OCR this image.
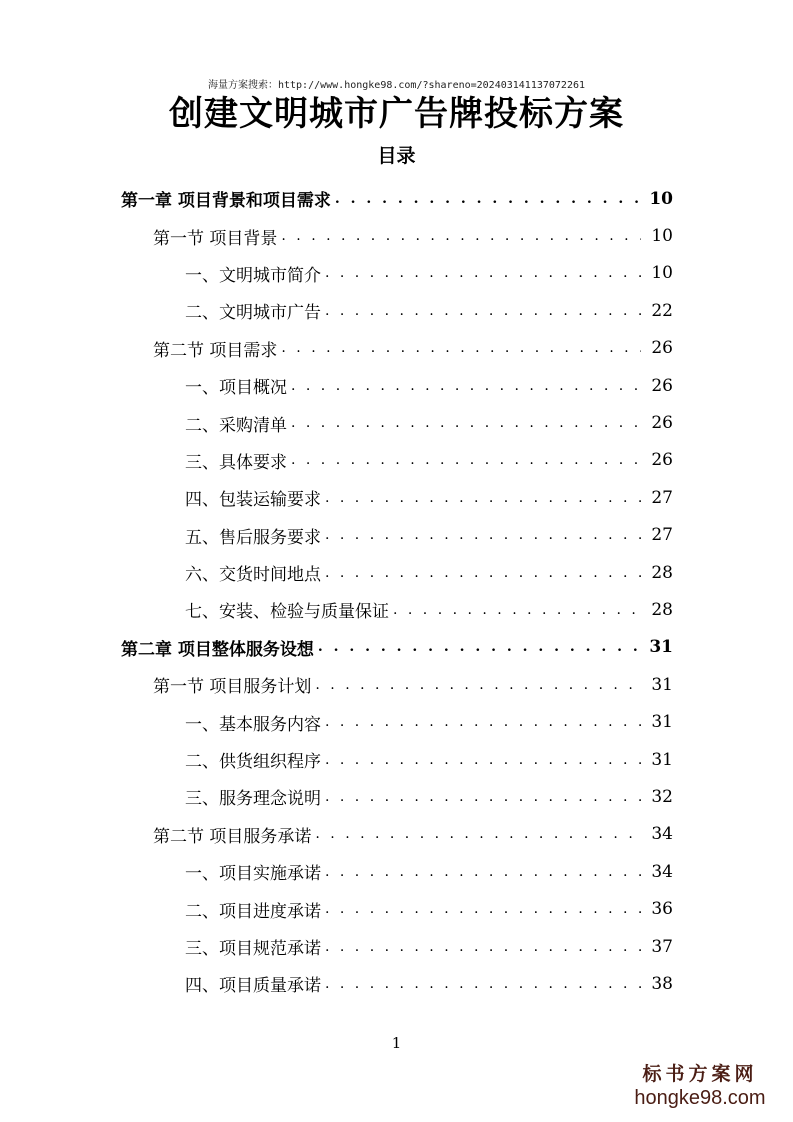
海量方案搜索：http://www.hongke98.com/?shareno=20240314113707226​1
创建文明城市广告牌投标方案
目录
第一章 项目背景和项目需求 . . .	10
第一节 项目背景 . . .	10
一、文明城市简介 . . .	10
二、文明城市广告 . . .	22
第二节 项目需求 . . .	26
一、项目概况 . . .	26
二、采购清单 . . .	26
三、具体要求 . . .	26
四、包装运输要求 . . .	27
五、售后服务要求 . . .	27
六、交货时间地点 . . .	28
七、安装、检验与质量保证 . . .	28
第二章 项目整体服务设想 . . .	31
第一节 项目服务计划 . . .	31
一、基本服务内容 . . .	31
二、供货组织程序 . . .	31
三、服务理念说明 . . .	32
第二节 项目服务承诺 . . .	34
一、项目实施承诺 . . .	34
二、项目进度承诺 . . .	36
三、项目规范承诺 . . .	37
四、项目质量承诺 . . .	38
1
标书方案网
hongke98.com
